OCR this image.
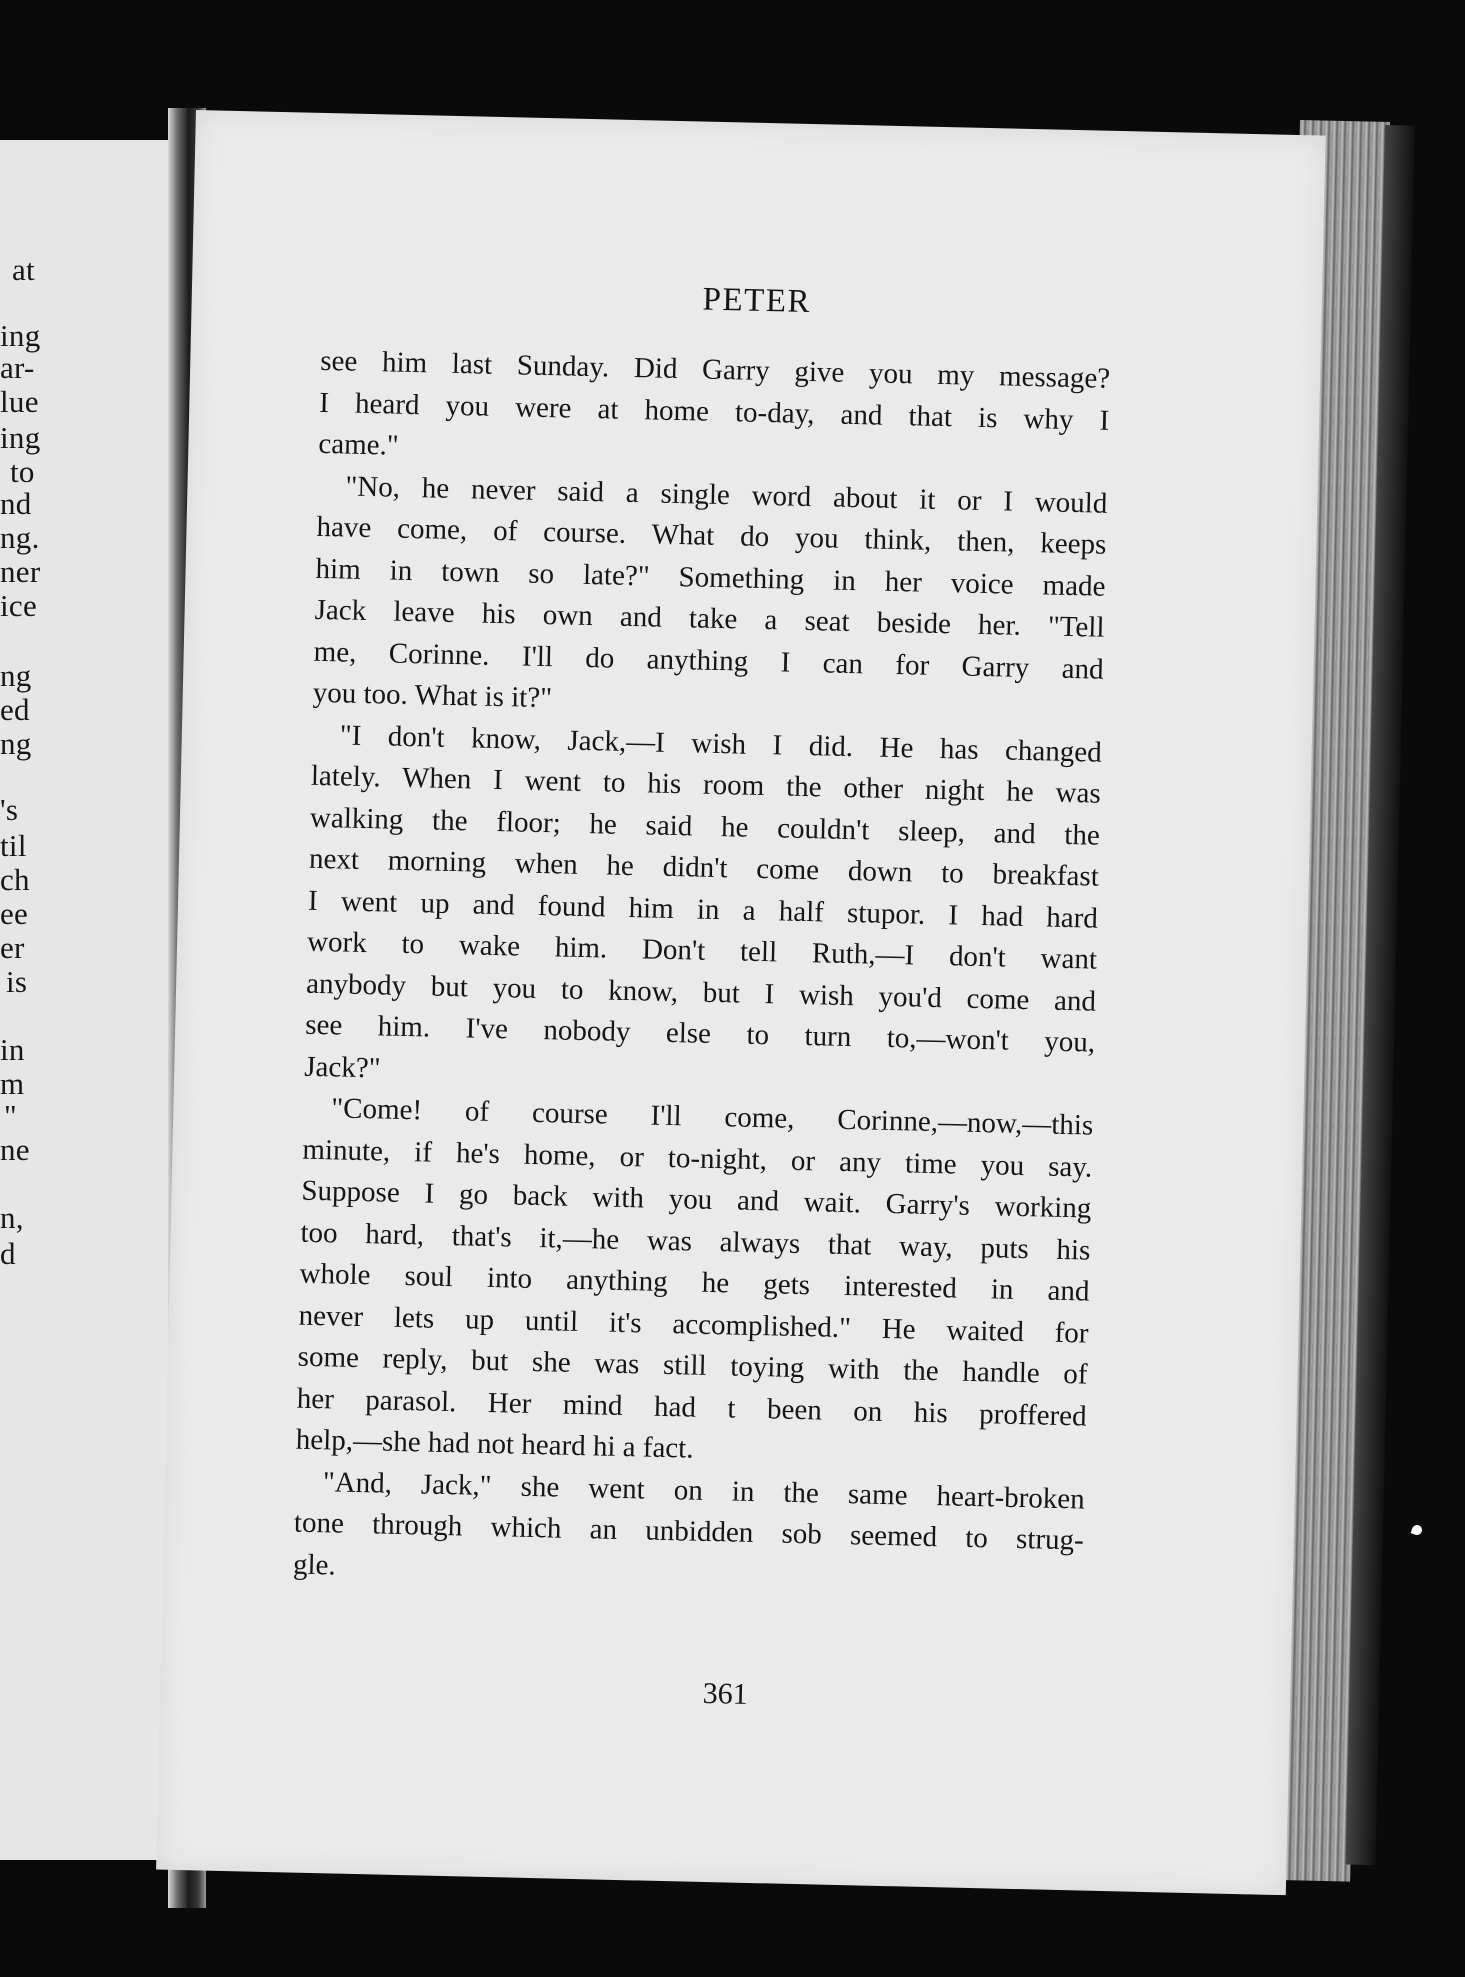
at
ing
ar-
lue
ing
to
nd
ng.
ner
ice
ng
ed
ng
's
til
ch
ee
er
is
in
m
"
ne
n,
d
PETER
see him last Sunday. Did Garry give you my message?
I heard you were at home to-day, and that is why I
came."
"No, he never said a single word about it or I would
have come, of course. What do you think, then, keeps
him in town so late?" Something in her voice made
Jack leave his own and take a seat beside her. "Tell
me, Corinne. I'll do anything I can for Garry and
you too. What is it?"
"I don't know, Jack,—I wish I did. He has changed
lately. When I went to his room the other night he was
walking the floor; he said he couldn't sleep, and the
next morning when he didn't come down to breakfast
I went up and found him in a half stupor. I had hard
work to wake him. Don't tell Ruth,—I don't want
anybody but you to know, but I wish you'd come and
see him. I've nobody else to turn to,—won't you,
Jack?"
"Come! of course I'll come, Corinne,—now,—this
minute, if he's home, or to-night, or any time you say.
Suppose I go back with you and wait. Garry's working
too hard, that's it,—he was always that way, puts his
whole soul into anything he gets interested in and
never lets up until it's accomplished." He waited for
some reply, but she was still toying with the handle of
her parasol. Her mind had t been on his proffered
help,—she had not heard hi a fact.
"And, Jack," she went on in the same heart-broken
tone through which an unbidden sob seemed to strug-
gle.
361
